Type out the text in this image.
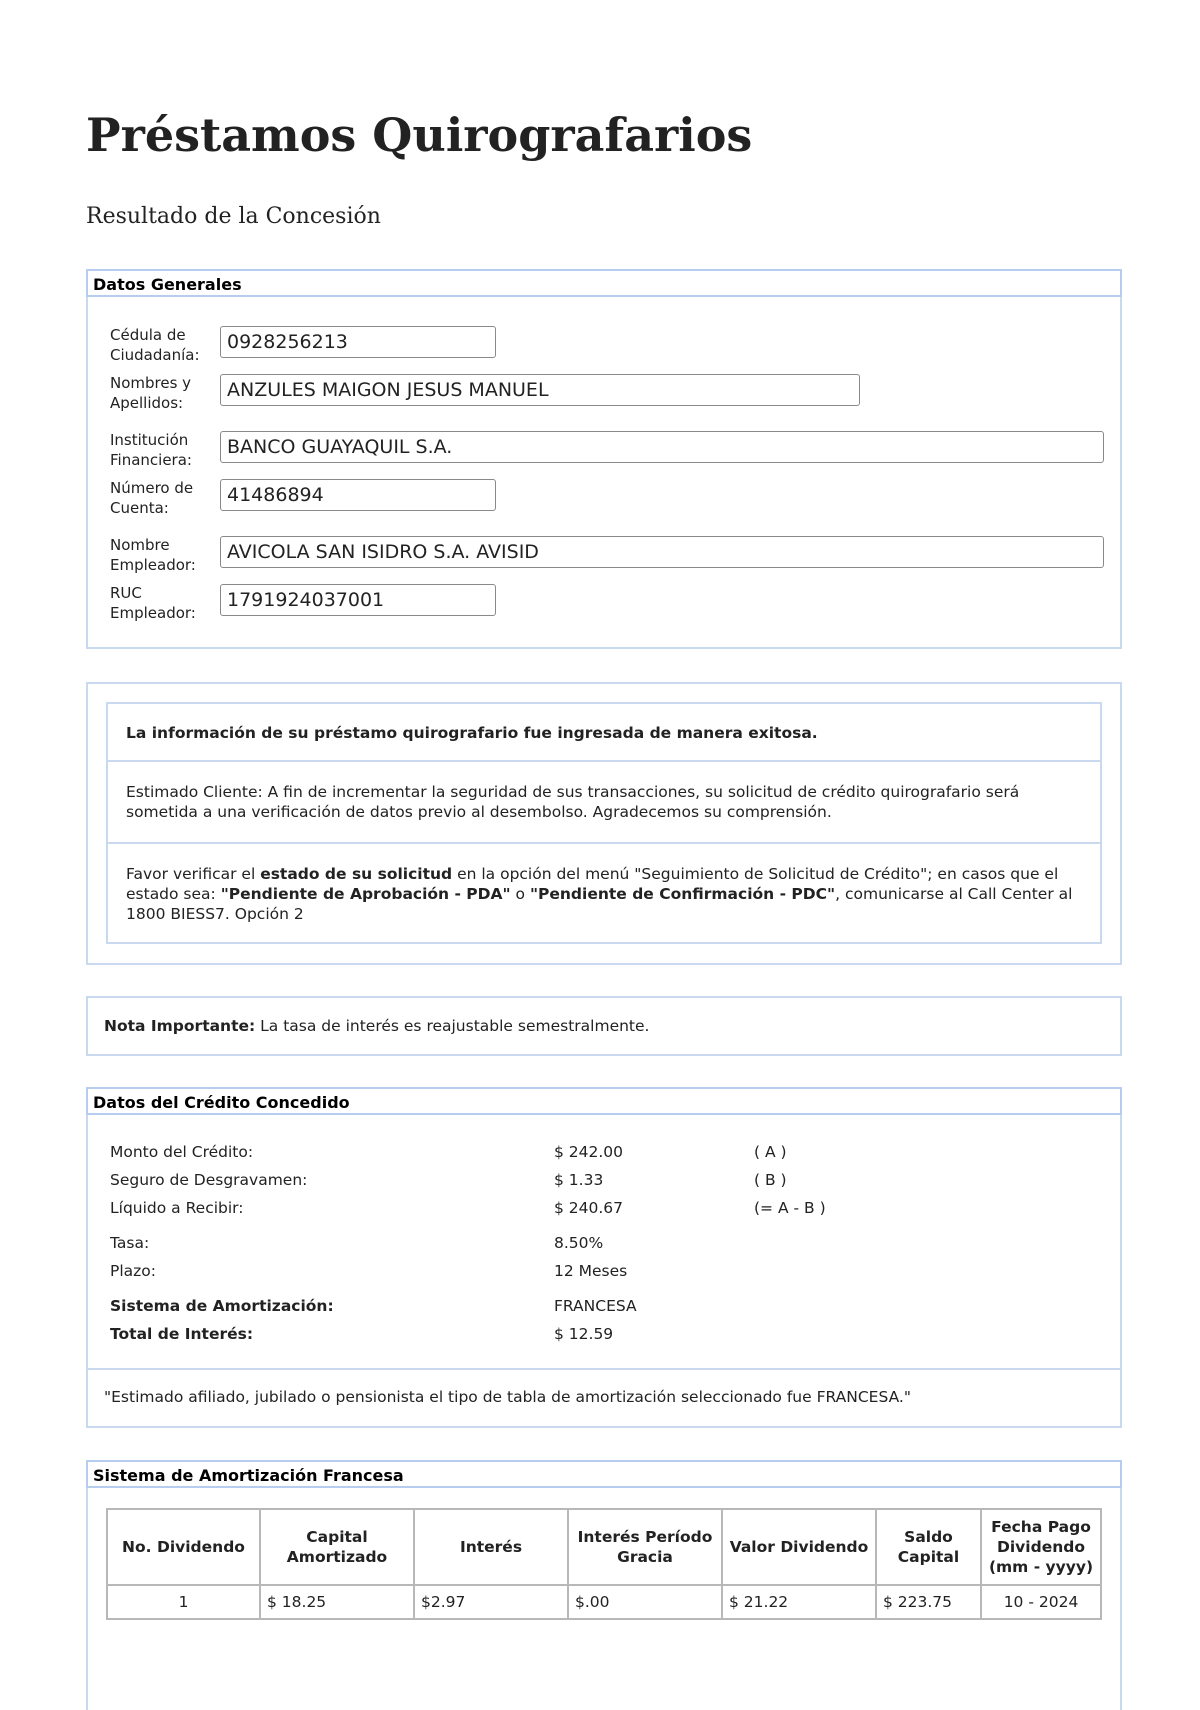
Préstamos Quirografarios
Resultado de la Concesión
Datos Generales
Cédula de Ciudadanía:
0928256213
Nombres y Apellidos:
ANZULES MAIGON JESUS MANUEL
Institución Financiera:
BANCO GUAYAQUIL S.A.
Número de Cuenta:
41486894
Nombre Empleador:
AVICOLA SAN ISIDRO S.A. AVISID
RUC Empleador:
1791924037001
La información de su préstamo quirografario fue ingresada de manera exitosa.
Estimado Cliente: A fin de incrementar la seguridad de sus transacciones, su solicitud de crédito quirografario será sometida a una verificación de datos previo al desembolso. Agradecemos su comprensión.
Favor verificar el estado de su solicitud en la opción del menú "Seguimiento de Solicitud de Crédito"; en casos que el estado sea: "Pendiente de Aprobación - PDA" o "Pendiente de Confirmación - PDC", comunicarse al Call Center al 1800 BIESS7. Opción 2
Nota Importante: La tasa de interés es reajustable semestralmente.
Datos del Crédito Concedido
Monto del Crédito:	$ 242.00	( A )
Seguro de Desgravamen:	$ 1.33	( B )
Líquido a Recibir:	$ 240.67	(= A - B )
Tasa:	8.50%
Plazo:	12 Meses
Sistema de Amortización:	FRANCESA
Total de Interés:	$ 12.59
"Estimado afiliado, jubilado o pensionista el tipo de tabla de amortización seleccionado fue FRANCESA."
Sistema de Amortización Francesa
No. Dividendo	Capital Amortizado	Interés	Interés Período Gracia	Valor Dividendo	Saldo Capital	Fecha Pago Dividendo (mm - yyyy)
1	$ 18.25	$2.97	$.00	$ 21.22	$ 223.75	10 - 2024
